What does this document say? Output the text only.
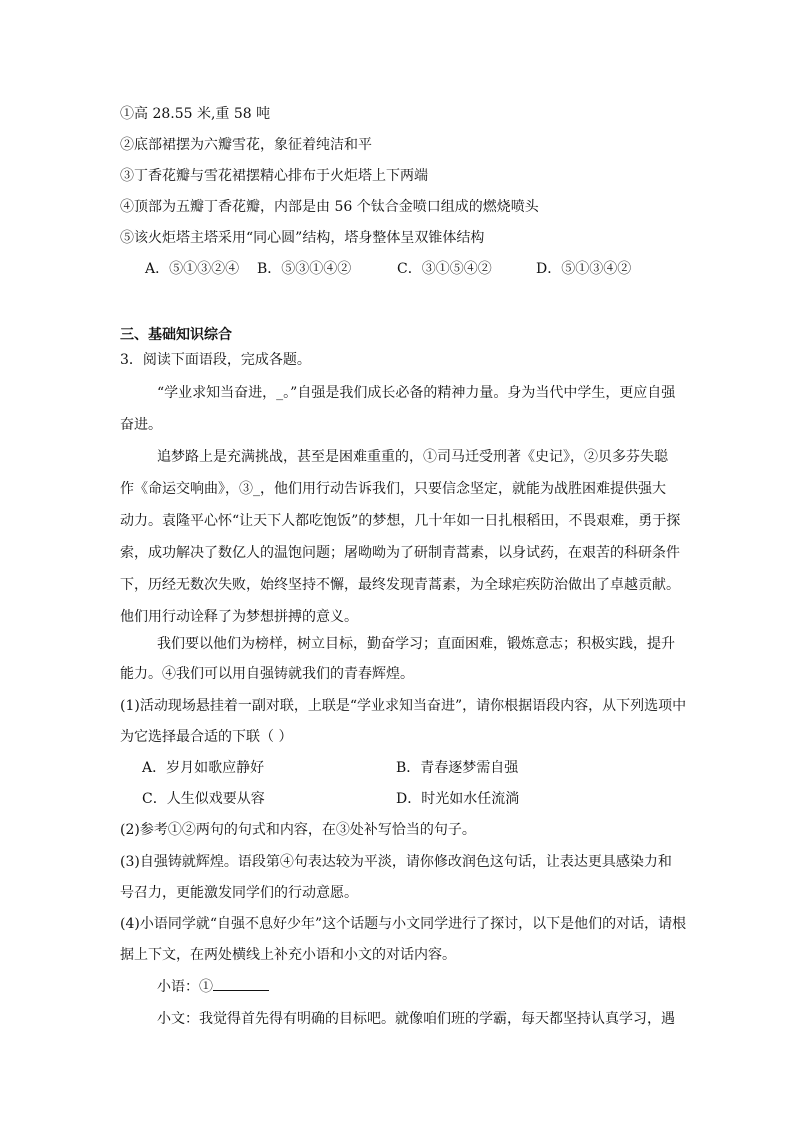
①高 28.55 米,重 58 吨
②底部裙摆为六瓣雪花，象征着纯洁和平
③丁香花瓣与雪花裙摆精心排布于火炬塔上下两端
④顶部为五瓣丁香花瓣，内部是由 56 个钛合金喷口组成的燃烧喷头
⑤该火炬塔主塔采用“同心圆”结构，塔身整体呈双锥体结构
A．⑤①③②④ B．⑤③①④②	C．③①⑤④②	D．⑤①③④②
三、基础知识综合
3．阅读下面语段，完成各题。
“学业求知当奋进，_。”自强是我们成长必备的精神力量。身为当代中学生，更应自强
奋进。
追梦路上是充满挑战，甚至是困难重重的，①司马迁受刑著《史记》，②贝多芬失聪
作《命运交响曲》，③_，他们用行动告诉我们，只要信念坚定，就能为战胜困难提供强大
动力。袁隆平心怀“让天下人都吃饱饭”的梦想，几十年如一日扎根稻田，不畏艰难，勇于探
索，成功解决了数亿人的温饱问题；屠呦呦为了研制青蒿素，以身试药，在艰苦的科研条件
下，历经无数次失败，始终坚持不懈，最终发现青蒿素，为全球疟疾防治做出了卓越贡献。
他们用行动诠释了为梦想拼搏的意义。
我们要以他们为榜样，树立目标，勤奋学习；直面困难，锻炼意志；积极实践，提升
能力。④我们可以用自强铸就我们的青春辉煌。
(1)活动现场悬挂着一副对联，上联是“学业求知当奋进”，请你根据语段内容，从下列选项中
为它选择最合适的下联（ ）
A．岁月如歌应静好	B．青春逐梦需自强
C．人生似戏要从容	D．时光如水任流淌
(2)参考①②两句的句式和内容，在③处补写恰当的句子。
(3)自强铸就辉煌。语段第④句表达较为平淡，请你修改润色这句话，让表达更具感染力和
号召力，更能激发同学们的行动意愿。
(4)小语同学就“自强不息好少年”这个话题与小文同学进行了探讨，以下是他们的对话，请根
据上下文，在两处横线上补充小语和小文的对话内容。
小语：①
小文：我觉得首先得有明确的目标吧。就像咱们班的学霸，每天都坚持认真学习，遇
